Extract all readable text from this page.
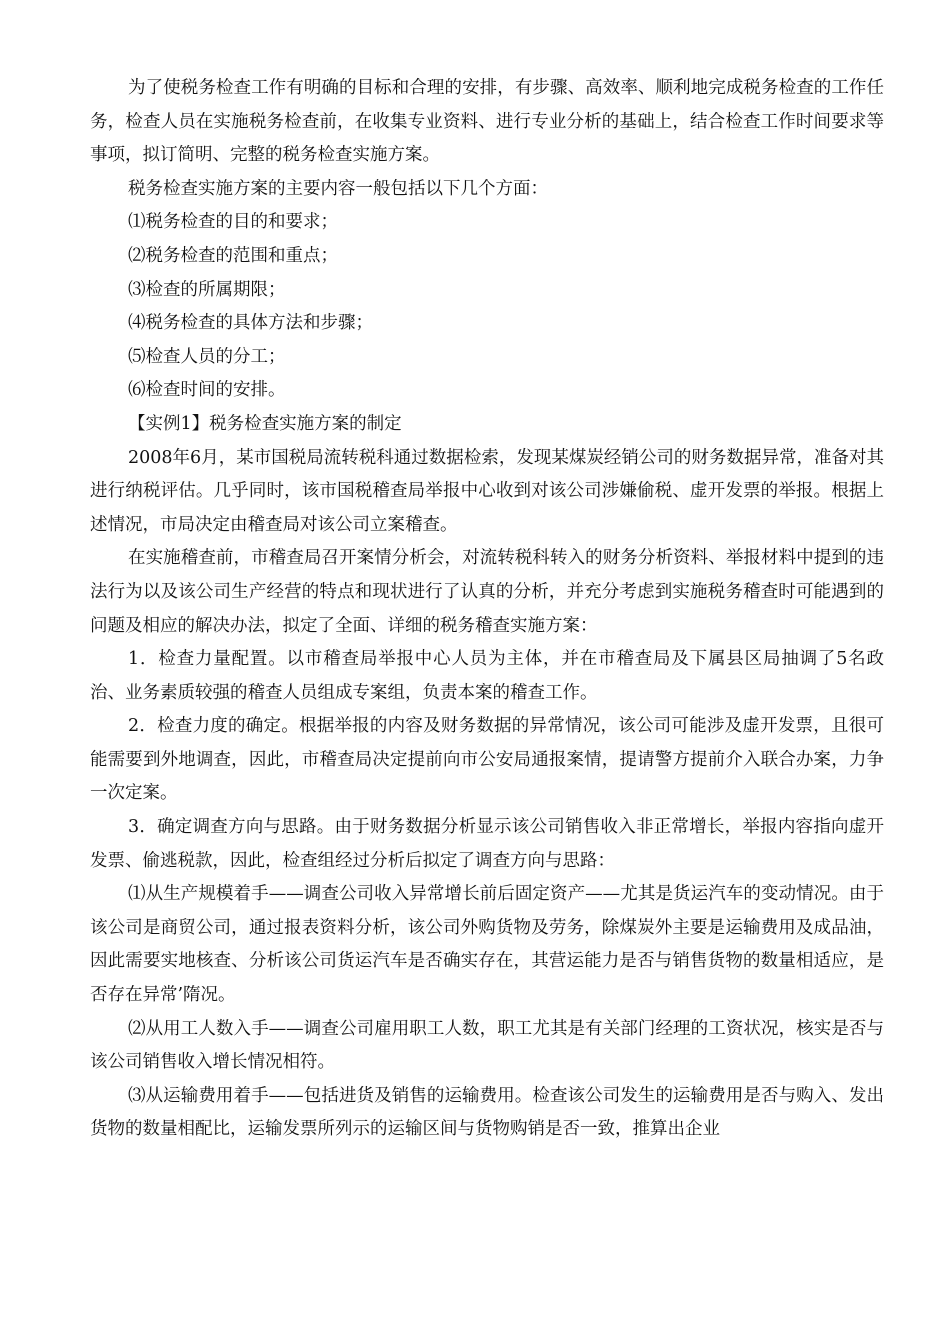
为了使税务检查工作有明确的目标和合理的安排，有步骤、高效率、顺利地完成税务检查的工作任务，检查人员在实施税务检查前，在收集专业资料、进行专业分析的基础上，结合检查工作时间要求等事项，拟订简明、完整的税务检查实施方案。

税务检查实施方案的主要内容一般包括以下几个方面：

⑴税务检查的目的和要求；

⑵税务检查的范围和重点；

⑶检查的所属期限；

⑷税务检查的具体方法和步骤；

⑸检查人员的分工；

⑹检查时间的安排。

【实例1】税务检查实施方案的制定

2008年6月，某市国税局流转税科通过数据检索，发现某煤炭经销公司的财务数据异常，准备对其进行纳税评估。几乎同时，该市国税稽查局举报中心收到对该公司涉嫌偷税、虚开发票的举报。根据上述情况，市局决定由稽查局对该公司立案稽查。

在实施稽查前，市稽查局召开案情分析会，对流转税科转入的财务分析资料、举报材料中提到的违法行为以及该公司生产经营的特点和现状进行了认真的分析，并充分考虑到实施税务稽查时可能遇到的问题及相应的解决办法，拟定了全面、详细的税务稽查实施方案：

1．检查力量配置。以市稽查局举报中心人员为主体，并在市稽查局及下属县区局抽调了5名政治、业务素质较强的稽查人员组成专案组，负责本案的稽查工作。

2．检查力度的确定。根据举报的内容及财务数据的异常情况，该公司可能涉及虚开发票，且很可能需要到外地调查，因此，市稽查局决定提前向市公安局通报案情，提请警方提前介入联合办案，力争一次定案。

3．确定调查方向与思路。由于财务数据分析显示该公司销售收入非正常增长，举报内容指向虚开发票、偷逃税款，因此，检查组经过分析后拟定了调查方向与思路：

⑴从生产规模着手——调查公司收入异常增长前后固定资产——尤其是货运汽车的变动情况。由于该公司是商贸公司，通过报表资料分析，该公司外购货物及劳务，除煤炭外主要是运输费用及成品油，因此需要实地核查、分析该公司货运汽车是否确实存在，其营运能力是否与销售货物的数量相适应，是否存在异常’隋况。

⑵从用工人数入手——调查公司雇用职工人数，职工尤其是有关部门经理的工资状况，核实是否与该公司销售收入增长情况相符。

⑶从运输费用着手——包括进货及销售的运输费用。检查该公司发生的运输费用是否与购入、发出货物的数量相配比，运输发票所列示的运输区间与货物购销是否一致，推算出企业
